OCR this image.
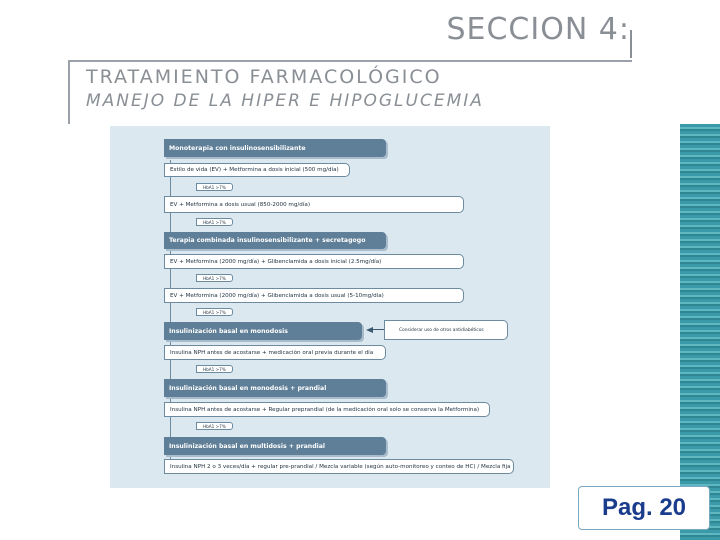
SECCION 4:
TRATAMIENTO FARMACOLÓGICO
MANEJO DE LA HIPER E HIPOGLUCEMIA
Monoterapia con insulinosensibilizante
Estilo de vida (EV) + Metformina a dosis inicial (500 mg/día)
HbA1 >7%
EV + Metformina a dosis usual (850-2000 mg/día)
HbA1 >7%
Terapia combinada insulinosensibilizante + secretagogo
EV + Metformina (2000 mg/día) + Glibenclamida a dosis inicial (2.5mg/día)
HbA1 >7%
EV + Metformina (2000 mg/día) + Glibenclamida a dosis usual (5-10mg/día)
HbA1 >7%
Insulinización basal en monodosis	Considerar uso de otros antidiabéticos
Insulina NPH antes de acostarse + medicación oral previa durante el día
HbA1 >7%
Insulinización basal en monodosis + prandial
Insulina NPH antes de acostarse + Regular preprandial (de la medicación oral solo se conserva la Metformina)
HbA1 >7%
Insulinización basal en multidosis + prandial
Insulina NPH 2 o 3 veces/día + regular pre-prandial / Mezcla variable (según auto-monitoreo y conteo de HC) / Mezcla fija
Pag. 20
